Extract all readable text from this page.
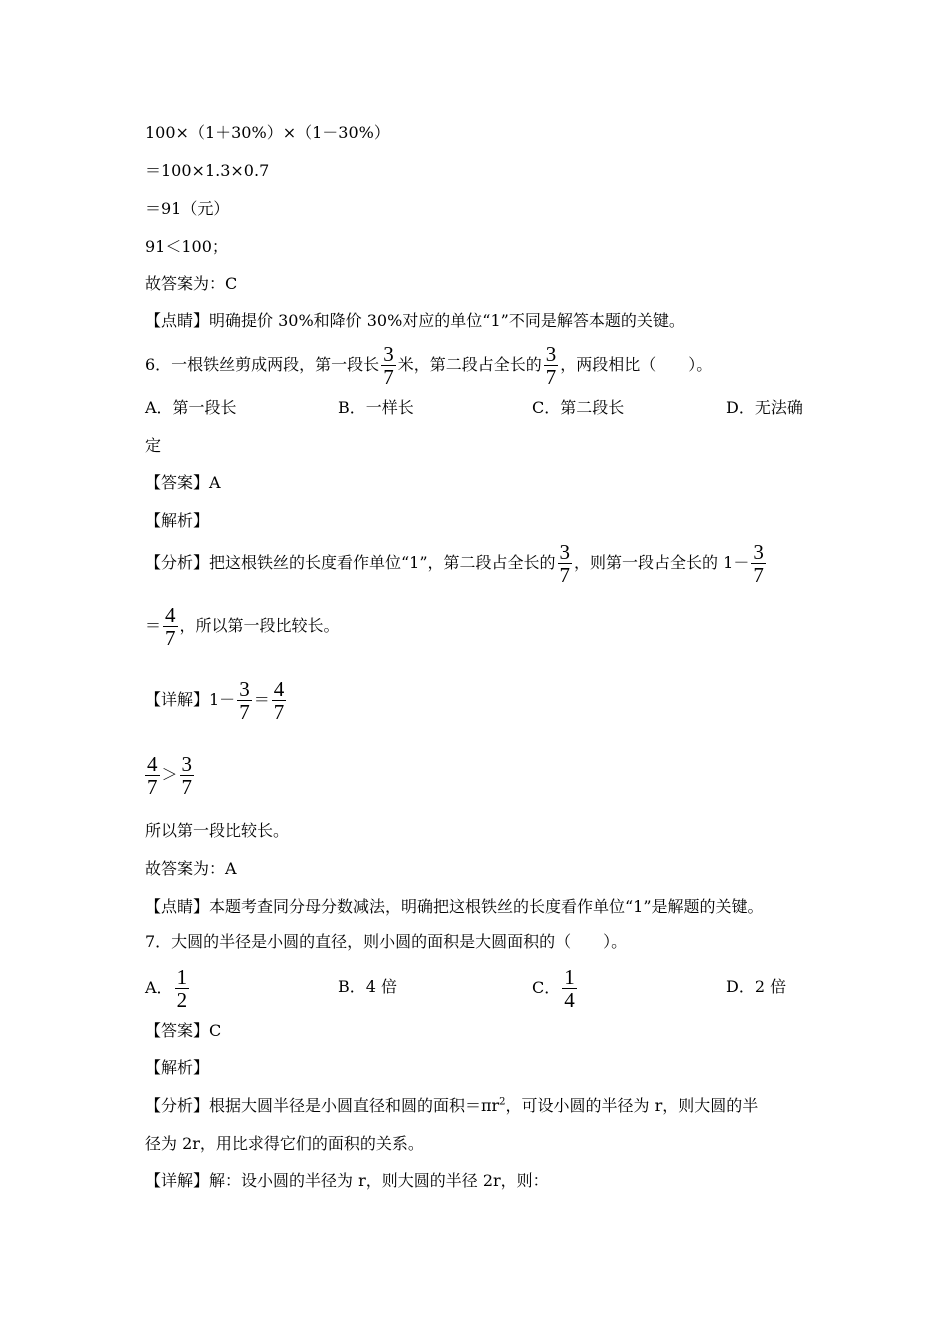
100×（1＋30%）×（1－30%）
＝100×1.3×0.7
＝91（元）
91＜100；
故答案为：C
【点睛】明确提价 30%和降价 30%对应的单位“1”不同是解答本题的关键。
6．一根铁丝剪成两段，第一段长 $\frac{3}{7}$ 米，第二段占全长的 $\frac{3}{7}$ ，两段相比（　　）。
A．第一段长	B．一样长	C．第二段长	D．无法确
定
【答案】A
【解析】
【分析】把这根铁丝的长度看作单位“1”，第二段占全长的 $\frac{3}{7}$ ，则第一段占全长的 $1- \frac{3}{7}$
＝ $\frac{4}{7}$ ，所以第一段比较长。
【详解】$1- \frac{3}{7} = \frac{4}{7}$
$\frac{4}{7} > \frac{3}{7}$
所以第一段比较长。
故答案为：A
【点睛】本题考查同分母分数减法，明确把这根铁丝的长度看作单位“1”是解题的关键。
7．大圆的半径是小圆的直径，则小圆的面积是大圆面积的（　　）。
A． $\frac{1}{2}$	B．4 倍	C． $\frac{1}{4}$	D．2 倍
【答案】C
【解析】
【分析】根据大圆半径是小圆直径和圆的面积$=\pi r^2$，可设小圆的半径为 r，则大圆的半
径为 2r，用比求得它们的面积的关系。
【详解】解：设小圆的半径为 r，则大圆的半径 2r，则：
